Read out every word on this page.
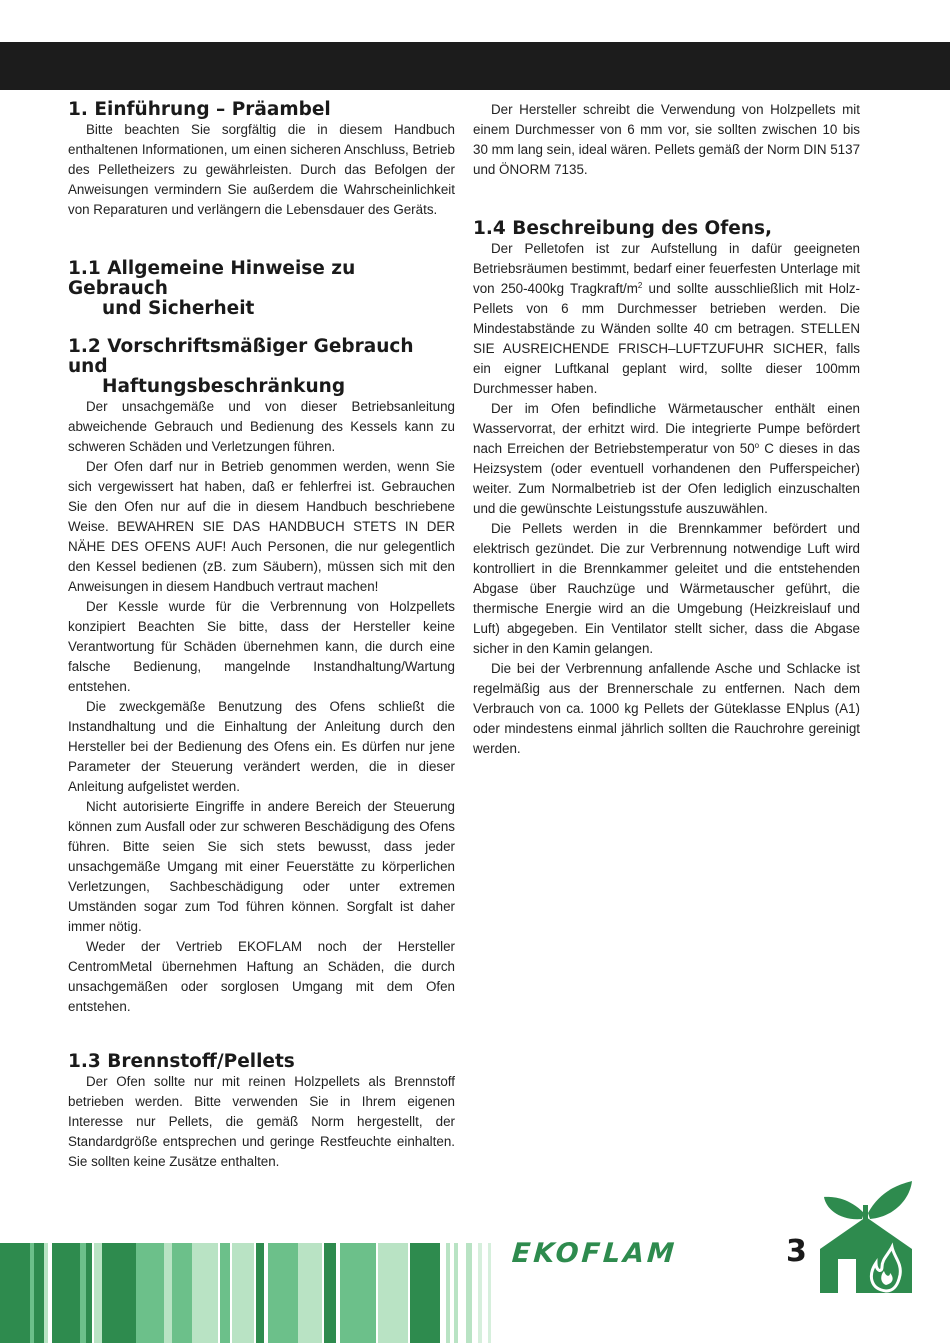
1. Einführung – Präambel

Bitte beachten Sie sorgfältig die in diesem Handbuch enthaltenen Informationen, um einen sicheren Anschluss, Betrieb des Pelletheizers zu gewährleisten. Durch das Befolgen der Anweisungen vermindern Sie außerdem die Wahrscheinlichkeit von Reparaturen und verlängern die Lebensdauer des Geräts.

1.1 Allgemeine Hinweise zu Gebrauch
und Sicherheit
1.2 Vorschriftsmäßiger Gebrauch und
Haftungsbeschränkung

Der unsachgemäße und von dieser Betriebsanleitung abweichende Gebrauch und Bedienung des Kessels kann zu schweren Schäden und Verletzungen führen.

Der Ofen darf nur in Betrieb genommen werden, wenn Sie sich vergewissert hat haben, daß er fehlerfrei ist. Gebrauchen Sie den Ofen nur auf die in diesem Handbuch beschriebene Weise. BEWAHREN SIE DAS HANDBUCH STETS IN DER NÄHE DES OFENS AUF! Auch Personen, die nur gelegentlich den Kessel bedienen (zB. zum Säubern), müssen sich mit den Anweisungen in diesem Handbuch vertraut machen!

Der Kessle wurde für die Verbrennung von Holzpellets konzipiert Beachten Sie bitte, dass der Hersteller keine Verantwortung für Schäden übernehmen kann, die durch eine falsche Bedienung, mangelnde Instandhaltung/Wartung entstehen.

Die zweckgemäße Benutzung des Ofens schließt die Instandhaltung und die Einhaltung der Anleitung durch den Hersteller bei der Bedienung des Ofens ein. Es dürfen nur jene Parameter der Steuerung verändert werden, die in dieser Anleitung aufgelistet werden.

Nicht autorisierte Eingriffe in andere Bereich der Steuerung können zum Ausfall oder zur schweren Beschädigung des Ofens führen. Bitte seien Sie sich stets bewusst, dass jeder unsachgemäße Umgang mit einer Feuerstätte zu körperlichen Verletzungen, Sachbeschädigung oder unter extremen Umständen sogar zum Tod führen können. Sorgfalt ist daher immer nötig.

Weder der Vertrieb EKOFLAM noch der Hersteller CentromMetal übernehmen Haftung an Schäden, die durch unsachgemäßen oder sorglosen Umgang mit dem Ofen entstehen.

1.3 Brennstoff/Pellets

Der Ofen sollte nur mit reinen Holzpellets als Brennstoff betrieben werden. Bitte verwenden Sie in Ihrem eigenen Interesse nur Pellets, die gemäß Norm hergestellt, der Standardgröße entsprechen und geringe Restfeuchte einhalten. Sie sollten keine Zusätze enthalten.

Der Hersteller schreibt die Verwendung von Holzpellets mit einem Durchmesser von 6 mm vor, sie sollten zwischen 10 bis 30 mm lang sein, ideal wären. Pellets gemäß der Norm DIN 5137 und ÖNORM 7135.

1.4 Beschreibung des Ofens,

Der Pelletofen ist zur Aufstellung in dafür geeigneten Betriebsräumen bestimmt, bedarf einer feuerfesten Unterlage mit von 250-400kg Tragkraft/$m^2$ und sollte ausschließlich mit Holz-Pellets von 6 mm Durchmesser betrieben werden. Die Mindestabstände zu Wänden sollte 40 cm betragen. STELLEN SIE AUSREICHENDE FRISCH–LUFTZUFUHR SICHER, falls ein eigner Luftkanal geplant wird, sollte dieser 100mm Durchmesser haben.

Der im Ofen befindliche Wärmetauscher enthält einen Wasservorrat, der erhitzt wird. Die integrierte Pumpe befördert nach Erreichen der Betriebstemperatur von 50$^o$ C dieses in das Heizsystem (oder eventuell vorhandenen den Pufferspeicher) weiter. Zum Normalbetrieb ist der Ofen lediglich einzuschalten und die gewünschte Leistungsstufe auszuwählen.

Die Pellets werden in die Brennkammer befördert und elektrisch gezündet. Die zur Verbrennung notwendige Luft wird kontrolliert in die Brennkammer geleitet und die entstehenden Abgase über Rauchzüge und Wärmetauscher geführt, die thermische Energie wird an die Umgebung (Heizkreislauf und Luft) abgegeben. Ein Ventilator stellt sicher, dass die Abgase sicher in den Kamin gelangen.

Die bei der Verbrennung anfallende Asche und Schlacke ist regelmäßig aus der Brennerschale zu entfernen. Nach dem Verbrauch von ca. 1000 kg Pellets der Güteklasse ENplus (A1) oder mindestens einmal jährlich sollten die Rauchrohre gereinigt werden.

EKOFLAM	3
